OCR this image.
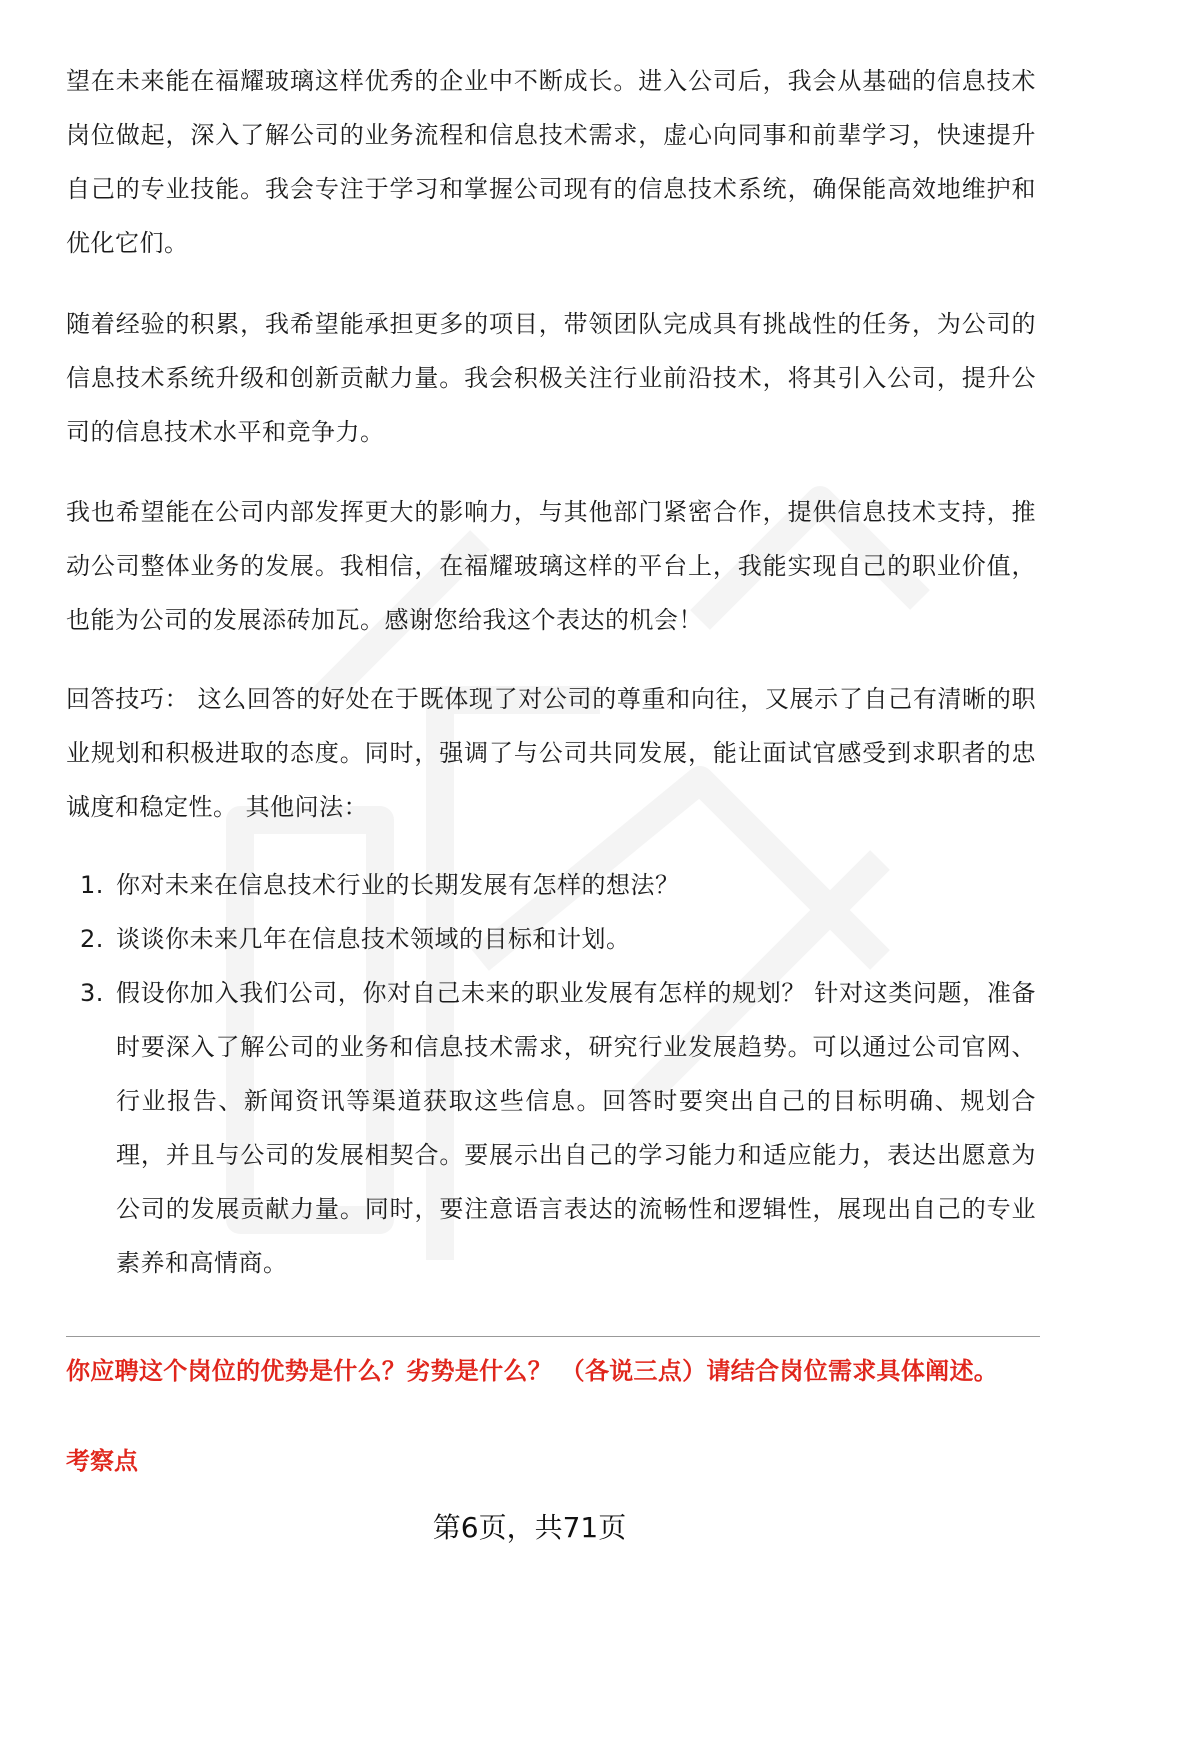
望在未来能在福耀玻璃这样优秀的企业中不断成长。进入公司后，我会从基础的信息技术岗位做起，深入了解公司的业务流程和信息技术需求，虚心向同事和前辈学习，快速提升自己的专业技能。我会专注于学习和掌握公司现有的信息技术系统，确保能高效地维护和优化它们。

随着经验的积累，我希望能承担更多的项目，带领团队完成具有挑战性的任务，为公司的信息技术系统升级和创新贡献力量。我会积极关注行业前沿技术，将其引入公司，提升公司的信息技术水平和竞争力。

我也希望能在公司内部发挥更大的影响力，与其他部门紧密合作，提供信息技术支持，推动公司整体业务的发展。我相信，在福耀玻璃这样的平台上，我能实现自己的职业价值，也能为公司的发展添砖加瓦。感谢您给我这个表达的机会！

回答技巧： 这么回答的好处在于既体现了对公司的尊重和向往，又展示了自己有清晰的职业规划和积极进取的态度。同时，强调了与公司共同发展，能让面试官感受到求职者的忠诚度和稳定性。 其他问法：

1. 你对未来在信息技术行业的长期发展有怎样的想法？
2. 谈谈你未来几年在信息技术领域的目标和计划。
3. 假设你加入我们公司，你对自己未来的职业发展有怎样的规划？ 针对这类问题，准备时要深入了解公司的业务和信息技术需求，研究行业发展趋势。可以通过公司官网、行业报告、新闻资讯等渠道获取这些信息。回答时要突出自己的目标明确、规划合理，并且与公司的发展相契合。要展示出自己的学习能力和适应能力，表达出愿意为公司的发展贡献力量。同时，要注意语言表达的流畅性和逻辑性，展现出自己的专业素养和高情商。
你应聘这个岗位的优势是什么？劣势是什么？ （各说三点）请结合岗位需求具体阐述。
考察点
第6页，共71页
